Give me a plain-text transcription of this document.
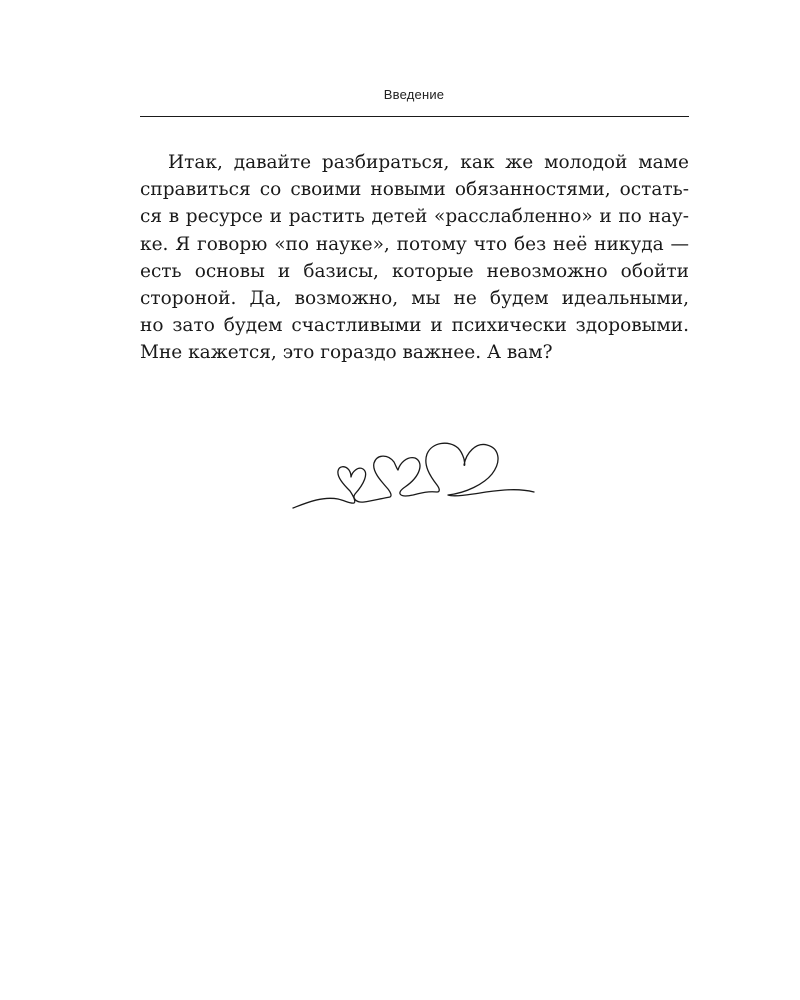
Введение
Итак, давайте разбираться, как же молодой маме
справиться со своими новыми обязанностями, остать-
ся в ресурсе и растить детей «расслабленно» и по нау-
ке. Я говорю «по науке», потому что без неё никуда —
есть основы и базисы, которые невозможно обойти
стороной. Да, возможно, мы не будем идеальными,
но зато будем счастливыми и психически здоровыми.
Мне кажется, это гораздо важнее. А вам?
